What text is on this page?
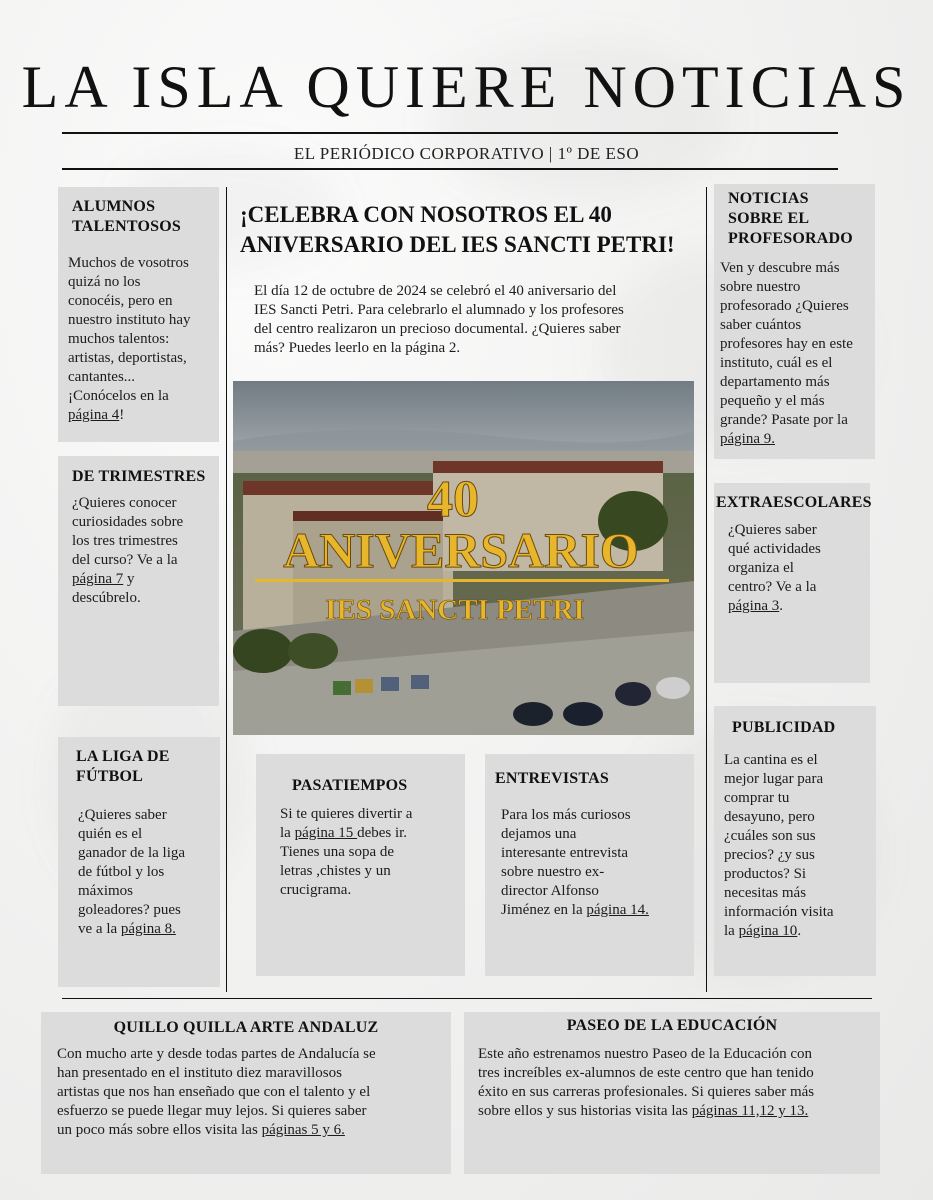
LA ISLA QUIERE NOTICIAS
EL PERIÓDICO CORPORATIVO | 1º DE ESO
ALUMNOS
TALENTOSOS

Muchos de vosotros
quizá no los
conocéis, pero en
nuestro instituto hay
muchos talentos:
artistas, deportistas,
cantantes...
¡Conócelos en la
página 4!

DE TRIMESTRES

¿Quieres conocer
curiosidades sobre
los tres trimestres
del curso? Ve a la
página 7 y
descúbrelo.

LA LIGA DE
FÚTBOL

¿Quieres saber
quién es el
ganador de la liga
de fútbol y los
máximos
goleadores? pues
ve a la página 8.

¡CELEBRA CON NOSOTROS EL 40
ANIVERSARIO DEL IES SANCTI PETRI!
El día 12 de octubre de 2024 se celebró el 40 aniversario del
IES Sancti Petri. Para celebrarlo el alumnado y los profesores
del centro realizaron un precioso documental. ¿Quieres saber
más? Puedes leerlo en la página 2.
40
ANIVERSARIO
IES SANCTI PETRI
PASATIEMPOS

Si te quieres divertir a
la página 15 debes ir.
Tienes una sopa de
letras ,chistes y un
crucigrama.

ENTREVISTAS

Para los más curiosos
dejamos una
interesante entrevista
sobre nuestro ex-
director Alfonso
Jiménez en la página 14.

NOTICIAS
SOBRE EL
PROFESORADO

Ven y descubre más
sobre nuestro
profesorado ¿Quieres
saber cuántos
profesores hay en este
instituto, cuál es el
departamento más
pequeño y el más
grande? Pasate por la
página 9.

EXTRAESCOLARES

¿Quieres saber
qué actividades
organiza el
centro? Ve a la
página 3.

PUBLICIDAD

La cantina es el
mejor lugar para
comprar tu
desayuno, pero
¿cuáles son sus
precios? ¿y sus
productos? Si
necesitas más
información visita
la página 10.

QUILLO QUILLA ARTE ANDALUZ

Con mucho arte y desde todas partes de Andalucía se
han presentado en el instituto diez maravillosos
artistas que nos han enseñado que con el talento y el
esfuerzo se puede llegar muy lejos. Si quieres saber
un poco más sobre ellos visita las páginas 5 y 6.

PASEO DE LA EDUCACIÓN

Este año estrenamos nuestro Paseo de la Educación con
tres increíbles ex-alumnos de este centro que han tenido
éxito en sus carreras profesionales. Si quieres saber más
sobre ellos y sus historias visita las páginas 11,12 y 13.
